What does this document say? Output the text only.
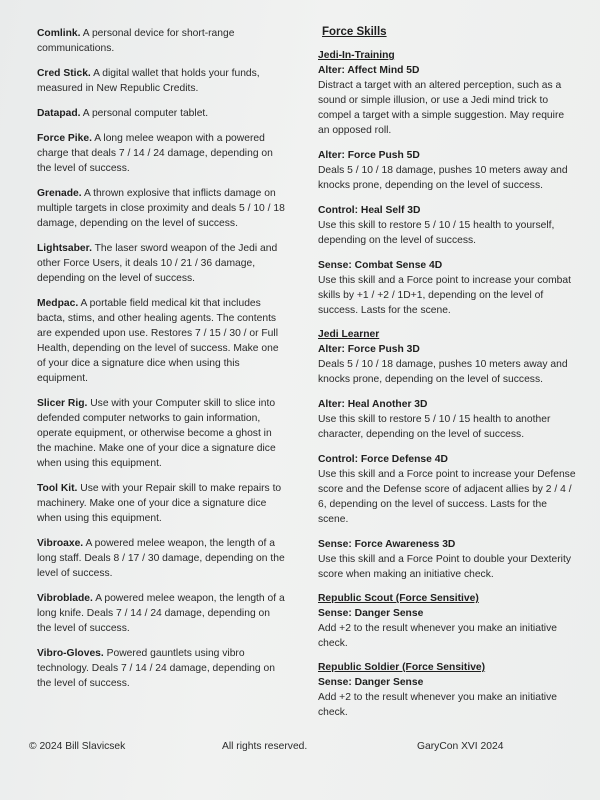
Comlink. A personal device for short-range communications.

Cred Stick. A digital wallet that holds your funds, measured in New Republic Credits.

Datapad. A personal computer tablet.

Force Pike. A long melee weapon with a powered charge that deals 7 / 14 / 24 damage, depending on the level of success.

Grenade. A thrown explosive that inflicts damage on multiple targets in close proximity and deals 5 / 10 / 18 damage, depending on the level of success.

Lightsaber. The laser sword weapon of the Jedi and other Force Users, it deals 10 / 21 / 36 damage, depending on the level of success.

Medpac. A portable field medical kit that includes bacta, stims, and other healing agents. The contents are expended upon use. Restores 7 / 15 / 30 / or Full Health, depending on the level of success. Make one of your dice a signature dice when using this equipment.

Slicer Rig. Use with your Computer skill to slice into defended computer networks to gain information, operate equipment, or otherwise become a ghost in the machine. Make one of your dice a signature dice when using this equipment.

Tool Kit. Use with your Repair skill to make repairs to machinery. Make one of your dice a signature dice when using this equipment.

Vibroaxe. A powered melee weapon, the length of a long staff. Deals 8 / 17 / 30 damage, depending on the level of success.

Vibroblade. A powered melee weapon, the length of a long knife. Deals 7 / 14 / 24 damage, depending on the level of success.

Vibro-Gloves. Powered gauntlets using vibro technology. Deals 7 / 14 / 24 damage, depending on the level of success.

Force Skills
Jedi-In-Training
Alter: Affect Mind 5D
Distract a target with an altered perception, such as a sound or simple illusion, or use a Jedi mind trick to compel a target with a simple suggestion. May require an opposed roll.
Alter: Force Push 5D
Deals 5 / 10 / 18 damage, pushes 10 meters away and knocks prone, depending on the level of success.
Control: Heal Self 3D
Use this skill to restore 5 / 10 / 15 health to yourself, depending on the level of success.
Sense: Combat Sense 4D
Use this skill and a Force point to increase your combat skills by +1 / +2 / 1D+1, depending on the level of success. Lasts for the scene.
Jedi Learner
Alter: Force Push 3D
Deals 5 / 10 / 18 damage, pushes 10 meters away and knocks prone, depending on the level of success.
Alter: Heal Another 3D
Use this skill to restore 5 / 10 / 15 health to another character, depending on the level of success.
Control: Force Defense 4D
Use this skill and a Force point to increase your Defense score and the Defense score of adjacent allies by 2 / 4 / 6, depending on the level of success. Lasts for the scene.
Sense: Force Awareness 3D
Use this skill and a Force Point to double your Dexterity score when making an initiative check.
Republic Scout (Force Sensitive)
Sense: Danger Sense
Add +2 to the result whenever you make an initiative check.
Republic Soldier (Force Sensitive)
Sense: Danger Sense
Add +2 to the result whenever you make an initiative check.
© 2024 Bill Slavicsek	All rights reserved.	GaryCon XVI 2024
